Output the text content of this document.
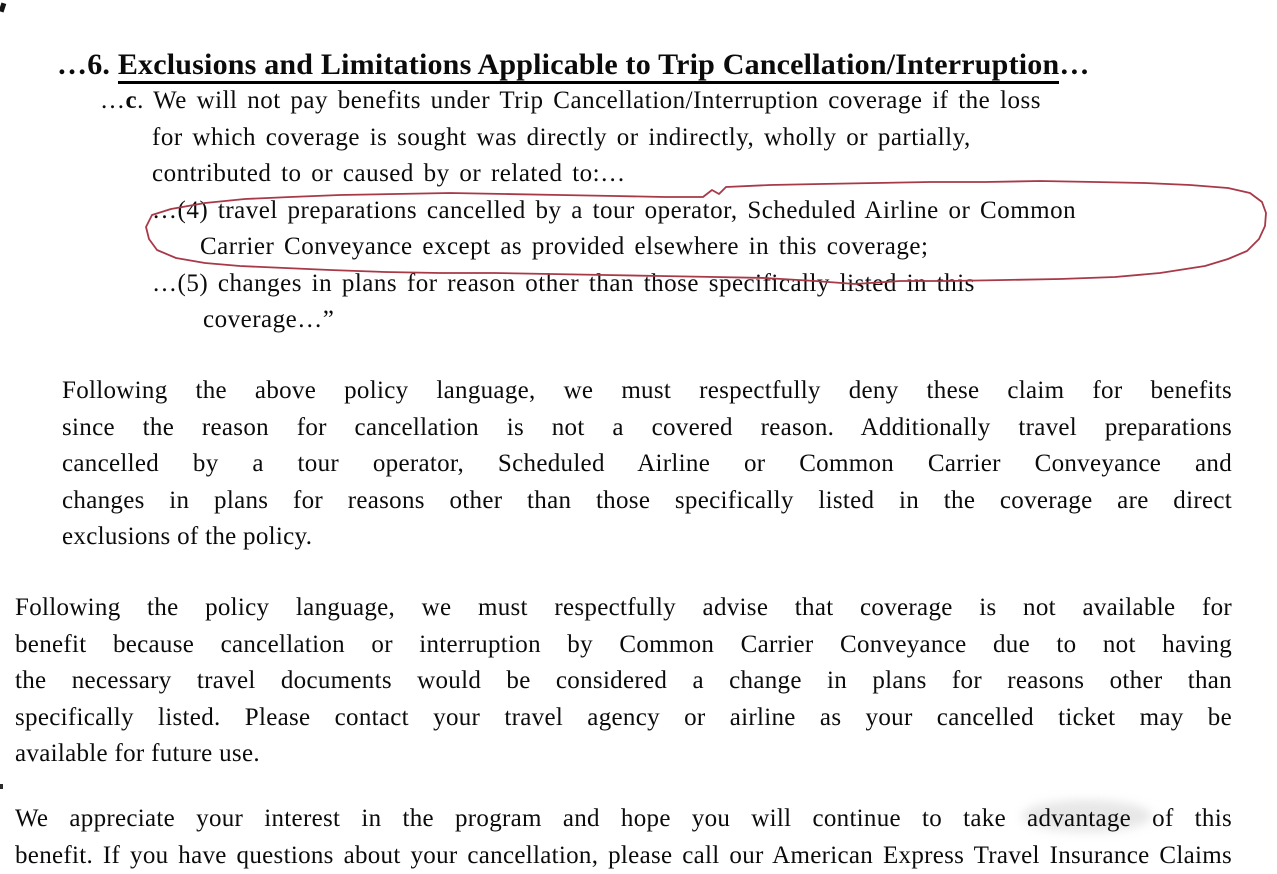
…6. Exclusions and Limitations Applicable to Trip Cancellation/Interruption…
…c. We will not pay benefits under Trip Cancellation/Interruption coverage if the loss
for which coverage is sought was directly or indirectly, wholly or partially,
contributed to or caused by or related to:…
…(4) travel preparations cancelled by a tour operator, Scheduled Airline or Common
Carrier Conveyance except as provided elsewhere in this coverage;
…(5) changes in plans for reason other than those specifically listed in this
coverage…”
Following the above policy language, we must respectfully deny these claim for benefits
since the reason for cancellation is not a covered reason. Additionally travel preparations
cancelled by a tour operator, Scheduled Airline or Common Carrier Conveyance and
changes in plans for reasons other than those specifically listed in the coverage are direct
exclusions of the policy.
Following the policy language, we must respectfully advise that coverage is not available for
benefit because cancellation or interruption by Common Carrier Conveyance due to not having
the necessary travel documents would be considered a change in plans for reasons other than
specifically listed. Please contact your travel agency or airline as your cancelled ticket may be
available for future use.
We appreciate your interest in the program and hope you will continue to take advantage of this
benefit. If you have questions about your cancellation, please call our American Express Travel Insurance Claims
